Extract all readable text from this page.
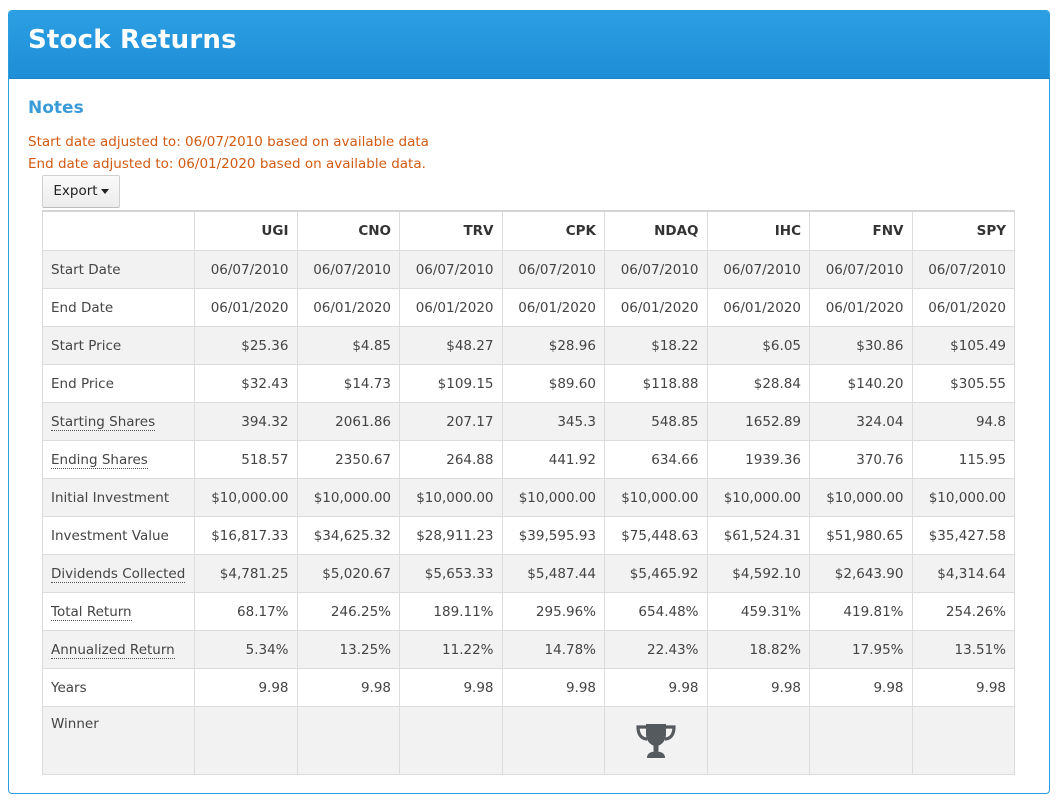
Stock Returns
Notes
Start date adjusted to: 06/07/2010 based on available data
End date adjusted to: 06/01/2020 based on available data.
Export
	UGI	CNO	TRV	CPK	NDAQ	IHC	FNV	SPY
Start Date	06/07/2010	06/07/2010	06/07/2010	06/07/2010	06/07/2010	06/07/2010	06/07/2010	06/07/2010
End Date	06/01/2020	06/01/2020	06/01/2020	06/01/2020	06/01/2020	06/01/2020	06/01/2020	06/01/2020
Start Price	$25.36	$4.85	$48.27	$28.96	$18.22	$6.05	$30.86	$105.49
End Price	$32.43	$14.73	$109.15	$89.60	$118.88	$28.84	$140.20	$305.55
Starting Shares	394.32	2061.86	207.17	345.3	548.85	1652.89	324.04	94.8
Ending Shares	518.57	2350.67	264.88	441.92	634.66	1939.36	370.76	115.95
Initial Investment	$10,000.00	$10,000.00	$10,000.00	$10,000.00	$10,000.00	$10,000.00	$10,000.00	$10,000.00
Investment Value	$16,817.33	$34,625.32	$28,911.23	$39,595.93	$75,448.63	$61,524.31	$51,980.65	$35,427.58
Dividends Collected	$4,781.25	$5,020.67	$5,653.33	$5,487.44	$5,465.92	$4,592.10	$2,643.90	$4,314.64
Total Return	68.17%	246.25%	189.11%	295.96%	654.48%	459.31%	419.81%	254.26%
Annualized Return	5.34%	13.25%	11.22%	14.78%	22.43%	18.82%	17.95%	13.51%
Years	9.98	9.98	9.98	9.98	9.98	9.98	9.98	9.98
Winner								
